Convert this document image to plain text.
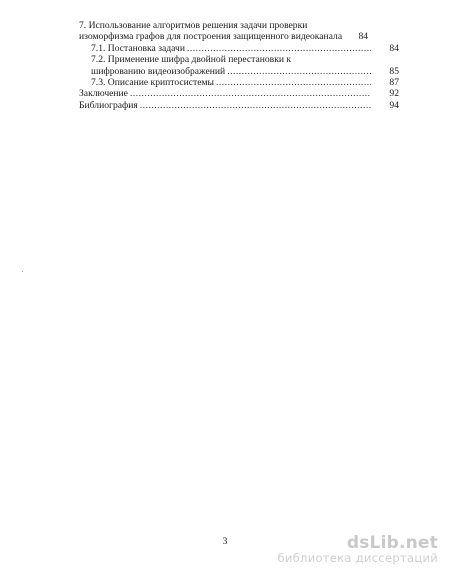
7. Использование алгоритмов решения задачи проверки
изоморфизма графов для построения защищенного видеоканала	84
7.1. Постановка задачи .....	84
7.2. Применение шифра двойной перестановки к
шифрованию видеоизображений .....	85
7.3. Описание криптосистемы .....	87
Заключение .....	92
Библиография .....	94
3	dsLib.net
библиотека диссертаций
